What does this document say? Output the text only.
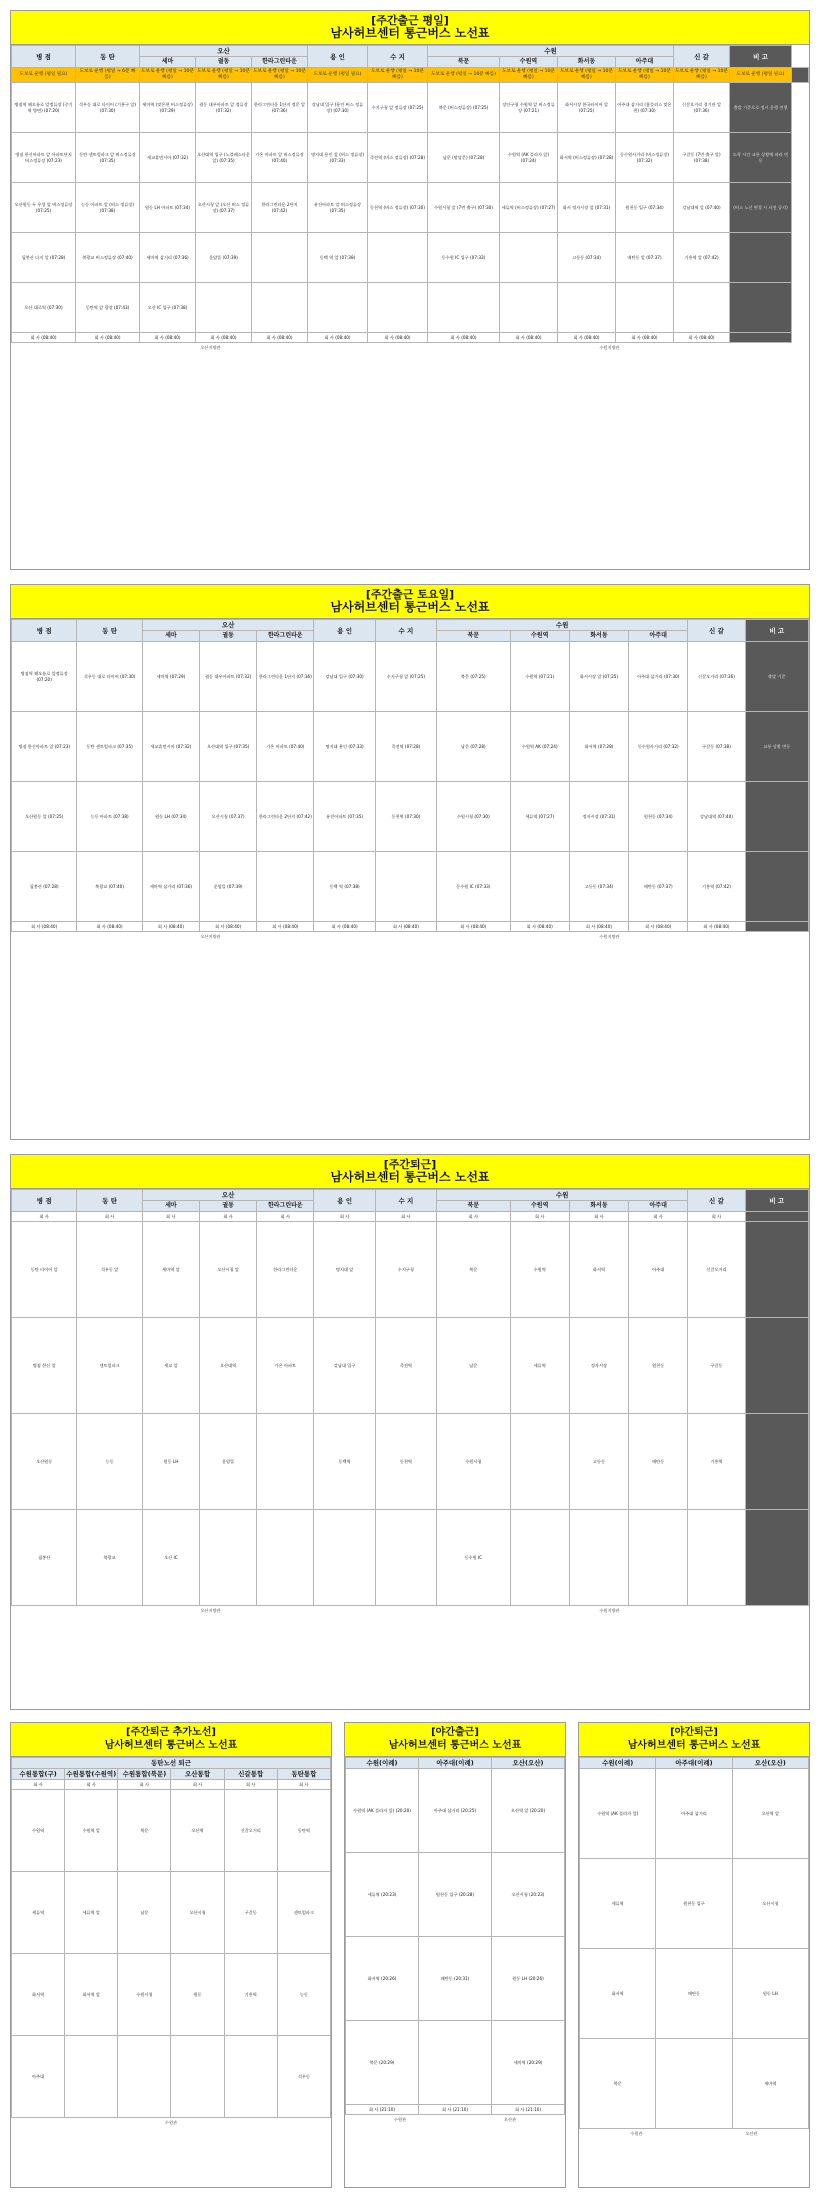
[주간출근 평일]
남사허브센터 통근버스 노선표
병 점	동 탄	오산			용 인	수 지	수원				신 갈	비 고	
		세마	궐동	한라그린타운			북문	수원역	화서동	아주대			
도보로 운행 (평일 필요)	도보로 운행 (평일 → 6분 빠름)	도보로 운행 (평일 → 10분 빠름)	도보로 운행 (평일 → 10분 빠름)	도보로 운행 (평일 → 10분 빠름)	도보로 운행 (평일 필요)	도보로 운행 (평일 → 10분 빠름)	도보로 운행 (평일 → 10분 빠름)	도보로 운행 (평일 → 10분 빠름)	도보로 운행 (평일 → 10분 빠름)	도보로 운행 (평일 → 10분 빠름)	도보로 운행 (평일 → 10분 빠름)	도보로 운행 (평일 필요)	
병점역 해오름로 앞정류장 (중기역 방면) (07:20)	석우동 대로 타이어 (기흥구 앞) (07:30)	세마역 (맞은편 버스정류장) (07:29)	궐동 대우아파트 앞 정류장 (07:32)	한라그린타운 1단지 정문 앞 (07:36)	강남대 입구 (용인 버스 정류장) (07:30)	수지구청 앞 정류장 (07:25)	북문 (버스정류장) (07:25)	장안구청 수원역 앞 버스정류장 (07:21)	화서시장 한국타이어 앞 (07:25)	아주대 삼거리 (홈플러스 맞은편) (07:30)	신갈오거리 경기관 앞 (07:36)	출발 기준으로 정시 운행 진행	
병점 한신아파트 앞 아파트단지 버스정류장 (07:23)	동탄 센트럴파크 앞 버스정류장 (07:35)	세교휴먼시아 (07:32)	오산대역 입구 (노블레스타운 앞) (07:35)	가온 아파트 앞 버스정류장 (07:40)	명지대 용인 앞 (버스 정류장) (07:33)	죽전역 (버스 정류장) (07:28)	남문 (팔달문) (07:28)	수원역 (AK 플라자 앞) (07:24)	화서역 (버스정류장) (07:28)	동수원사거리 (버스정류장) (07:32)	구갈동 (7번 출구 앞) (07:38)	도착 시간 교통 상황에 따라 변동	
오산원동 두 우성 앞 버스정류장 (07:25)	능동 아파트 앞 (버스 정류장) (07:38)	원동 LH 아파트 (07:34)	오산시청 앞 (오산 버스 정류장) (07:37)	한라그린타운 2단지 (07:42)	유진아파트 앞 버스정류장 (07:35)	동천역 (버스 정류장) (07:30)	수원시청 앞 (7번 출구) (07:30)	세류역 (버스정류장) (07:27)	화서 정자시장 앞 (07:31)	원천동 입구 (07:34)	강남대역 앞 (07:40)	(버스 노선 변경 시 사전 공지)	
필봉산 다지 앞 (07:28)	북광교 버스정류장 (07:40)	세마역 삼거리 (07:36)	운암뜰 (07:39)		동백 역 앞 (07:38)		동수원 IC 입구 (07:33)		고등동 (07:34)	매탄동 앞 (07:37)	기흥역 앞 (07:42)		
오산 대로역 (07:30)	동탄역 앞 광장 (07:43)	오산 IC 입구 (07:38)											
회 사 (08:40)	회 사 (08:40)	회 사 (08:40)	회 사 (08:40)	회 사 (08:40)	회 사 (08:40)	회 사 (08:40)	회 사 (08:40)	회 사 (08:40)	회 사 (08:40)	회 사 (08:40)	회 사 (08:40)		
오산지방관	수원지방관
[주간출근 토요일]
남사허브센터 통근버스 노선표
병 점	동 탄	오산			용 인	수 지	수원				신 갈	비 고
		세마	궐동	한라그린타운			북문	수원역	화서동	아주대		
병점역 해오름로 앞정류장 (07:20)	석우동 대로 타이어 (07:30)	세마역 (07:29)	궐동 대우아파트 (07:32)	한라그린타운 1단지 (07:36)	강남대 입구 (07:30)	수지구청 앞 (07:25)	북문 (07:25)	수원역 (07:21)	화서시장 앞 (07:25)	아주대 삼거리 (07:30)	신갈오거리 (07:36)	출발 기준
병점 한신아파트 앞 (07:23)	동탄 센트럴파크 (07:35)	세교휴먼시아 (07:32)	오산대역 입구 (07:35)	가온 아파트 (07:40)	명지대 용인 (07:33)	죽전역 (07:28)	남문 (07:28)	수원역 AK (07:24)	화서역 (07:28)	동수원사거리 (07:32)	구갈동 (07:38)	교통 상황 변동
오산원동 앞 (07:25)	능동 아파트 (07:38)	원동 LH (07:34)	오산시청 (07:37)	한라그린타운 2단지 (07:42)	유진아파트 (07:35)	동천역 (07:30)	수원시청 (07:30)	세류역 (07:27)	정자시장 (07:31)	원천동 (07:34)	강남대역 (07:40)	
필봉산 (07:28)	북광교 (07:40)	세마역 삼거리 (07:36)	운암뜰 (07:39)		동백 역 (07:38)		동수원 IC (07:33)		고등동 (07:34)	매탄동 (07:37)	기흥역 (07:42)	
회 사 (08:40)	회 사 (08:40)	회 사 (08:40)	회 사 (08:40)	회 사 (08:40)	회 사 (08:40)	회 사 (08:40)	회 사 (08:40)	회 사 (08:40)	회 사 (08:40)	회 사 (08:40)	회 사 (08:40)	
오산지방관	수원지방관
[주간퇴근]
남사허브센터 통근버스 노선표
병 점	동 탄	오산			용 인	수 지	수원				신 갈	비 고
		세마	궐동	한라그린타운			북문	수원역	화서동	아주대		
회 사	회 사	회 사	회 사	회 사	회 사	회 사	회 사	회 사	회 사	회 사	회 사	
동탄 타이어 앞	석우동 앞	세마역 앞	오산시청 앞	한라그린타운	명지대 앞	수지구청	북문	수원역	화서역	아주대	신갈오거리	
병점 한신 앞	센트럴파크	세교 앞	오산대역	가온 아파트	강남대 입구	죽전역	남문	세류역	정자시장	원천동	구갈동	
오산원동	능동	원동 LH	운암뜰		동백역	동천역	수원시청		고등동	매탄동	기흥역	
필봉산	북광교	오산 IC					동수원 IC					
오산지방관	수원지방관
[주간퇴근 추가노선]
남사허브센터 통근버스 노선표
동탄노선 퇴근					
수원통합(구)	수원통합(수원역)	수원통합(북문)	오산통합	신갈통합	동탄통합
회 사	회 사	회 사	회 사	회 사	회 사
수원역	수원역 앞	북문	오산역	신갈오거리	동탄역
세류역	세류역 앞	남문	오산시청	구갈동	센트럴파크
화서역	화서역 앞	수원시청	원동	기흥역	능동
아주대					석우동
수원관
[야간출근]
남사허브센터 통근버스 노선표
수원(이례)	아주대(이례)	오산(오산)
수원역 (AK 플라자 앞) (20:20)	아주대 삼거리 (20:25)	오산역 앞 (20:20)
세류역 (20:23)	원천동 입구 (20:28)	오산시청 (20:23)
화서역 (20:26)	매탄동 (20:31)	원동 LH (20:26)
북문 (20:29)		세마역 (20:29)
회 사 (21:10)	회 사 (21:10)	회 사 (21:10)
수원관	오산관
[야간퇴근]
남사허브센터 통근버스 노선표
수원(이례)	아주대(이례)	오산(오산)
수원역 (AK 플라자 앞)	아주대 삼거리	오산역 앞
세류역	원천동 입구	오산시청
화서역	매탄동	원동 LH
북문		세마역
수원관	오산관
